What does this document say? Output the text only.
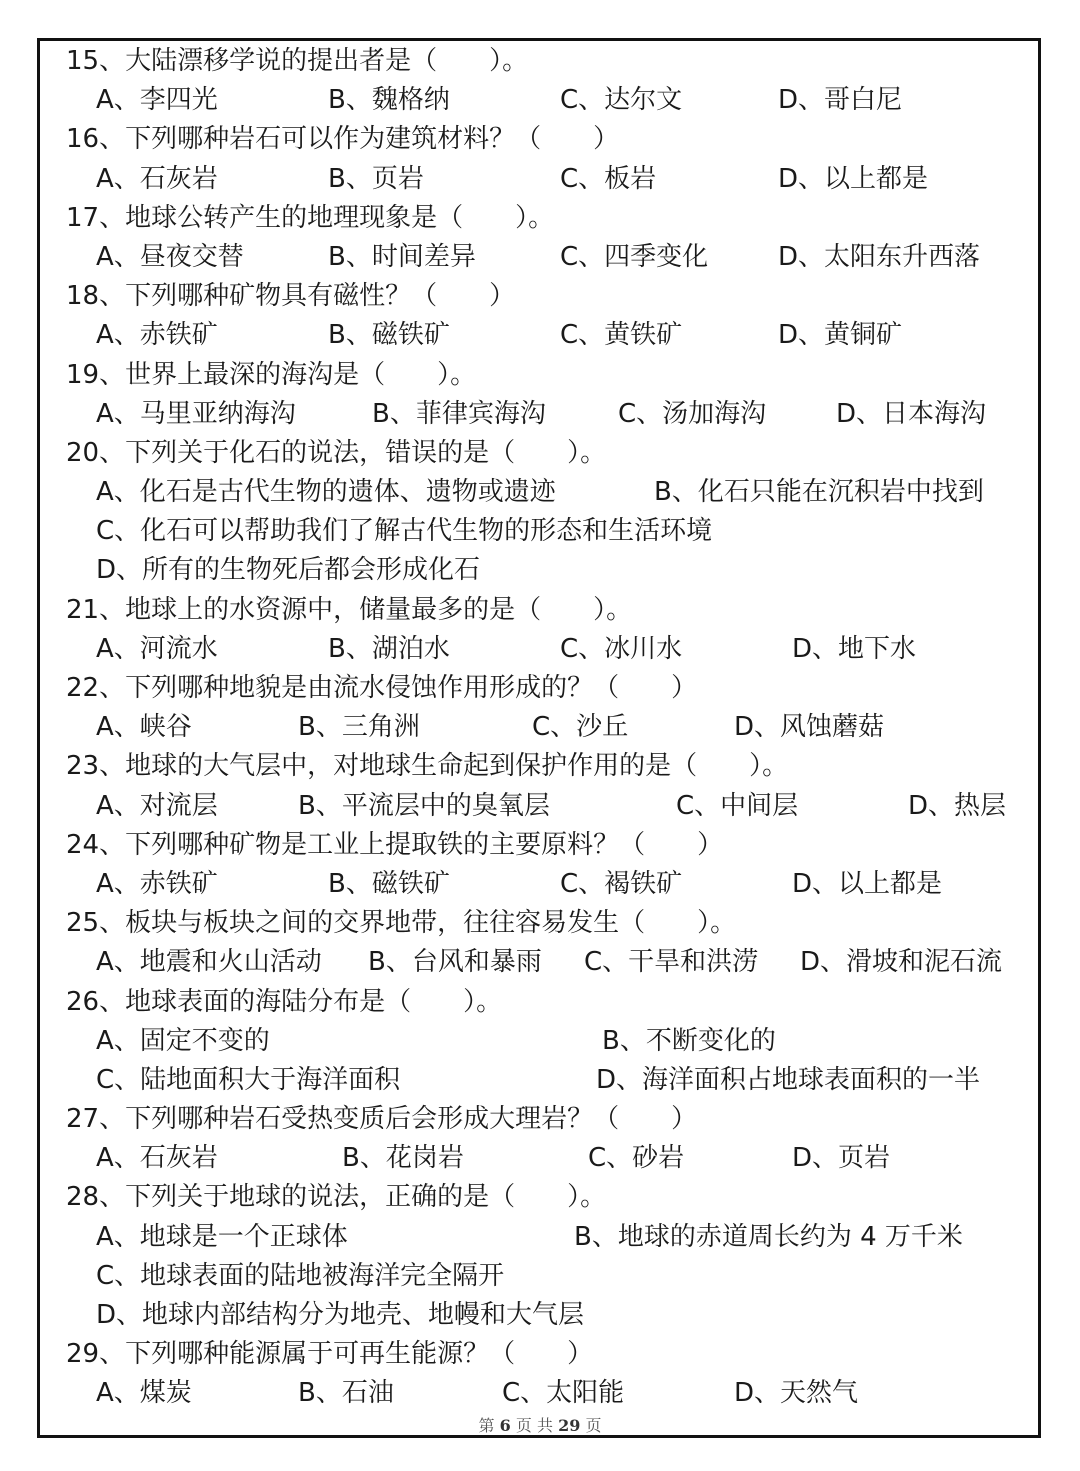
15、大陆漂移学说的提出者是（　　）。
A、李四光	B、魏格纳	C、达尔文	D、哥白尼
16、下列哪种岩石可以作为建筑材料？（　　）
A、石灰岩	B、页岩	C、板岩	D、以上都是
17、地球公转产生的地理现象是（　　）。
A、昼夜交替	B、时间差异	C、四季变化	D、太阳东升西落
18、下列哪种矿物具有磁性？（　　）
A、赤铁矿	B、磁铁矿	C、黄铁矿	D、黄铜矿
19、世界上最深的海沟是（　　）。
A、马里亚纳海沟	B、菲律宾海沟	C、汤加海沟	D、日本海沟
20、下列关于化石的说法，错误的是（　　）。
A、化石是古代生物的遗体、遗物或遗迹	B、化石只能在沉积岩中找到
C、化石可以帮助我们了解古代生物的形态和生活环境
D、所有的生物死后都会形成化石
21、地球上的水资源中，储量最多的是（　　）。
A、河流水	B、湖泊水	C、冰川水	D、地下水
22、下列哪种地貌是由流水侵蚀作用形成的？（　　）
A、峡谷	B、三角洲	C、沙丘	D、风蚀蘑菇
23、地球的大气层中，对地球生命起到保护作用的是（　　）。
A、对流层	B、平流层中的臭氧层	C、中间层	D、热层
24、下列哪种矿物是工业上提取铁的主要原料？（　　）
A、赤铁矿	B、磁铁矿	C、褐铁矿	D、以上都是
25、板块与板块之间的交界地带，往往容易发生（　　）。
A、地震和火山活动 B、台风和暴雨 C、干旱和洪涝 D、滑坡和泥石流
26、地球表面的海陆分布是（　　）。
A、固定不变的	B、不断变化的
C、陆地面积大于海洋面积	D、海洋面积占地球表面积的一半
27、下列哪种岩石受热变质后会形成大理岩？（　　）
A、石灰岩	B、花岗岩	C、砂岩	D、页岩
28、下列关于地球的说法，正确的是（　　）。
A、地球是一个正球体	B、地球的赤道周长约为 4 万千米
C、地球表面的陆地被海洋完全隔开
D、地球内部结构分为地壳、地幔和大气层
29、下列哪种能源属于可再生能源？（　　）
A、煤炭	B、石油	C、太阳能	D、天然气
第 6 页 共 29 页
